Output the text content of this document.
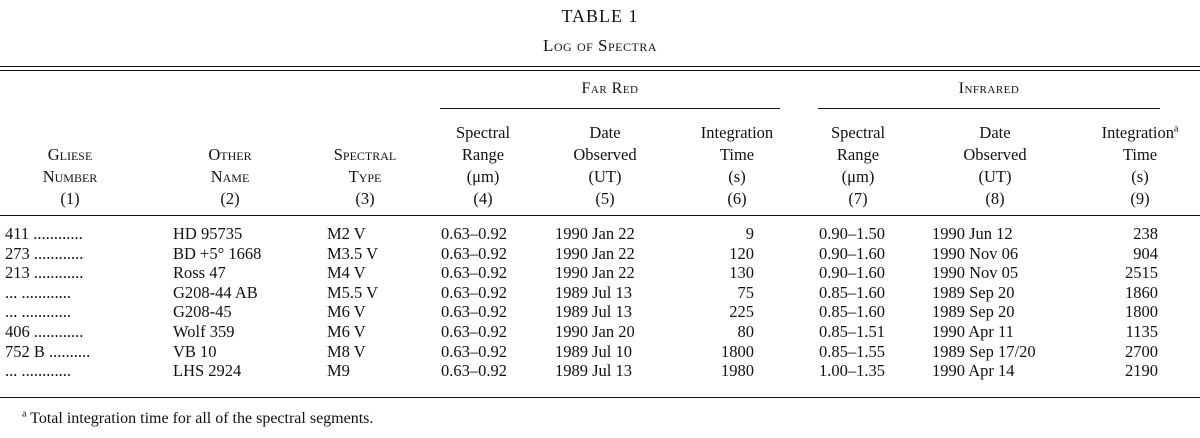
TABLE 1
Log of Spectra
Far Red	Infrared
Gliese
Number
(1)
Other
Name
(2)
Spectral
Type
(3)
Spectral
Range
(μm)
(4)
Date
Observed
(UT)
(5)
Integration
Time
(s)
(6)
Spectral
Range
(μm)
(7)
Date
Observed
(UT)
(8)
Integration$^a$
Time
(s)
(9)
411 ............	HD 95735	M2 V	0.63–0.92	1990 Jan 22	9	0.90–1.50	1990 Jun 12	238
273 ............	BD +5° 1668	M3.5 V	0.63–0.92	1990 Jan 22	120	0.90–1.60	1990 Nov 06	904
213 ............	Ross 47	M4 V	0.63–0.92	1990 Jan 22	130	0.90–1.60	1990 Nov 05	2515
... ............	G208-44 AB	M5.5 V	0.63–0.92	1989 Jul 13	75	0.85–1.60	1989 Sep 20	1860
... ............	G208-45	M6 V	0.63–0.92	1989 Jul 13	225	0.85–1.60	1989 Sep 20	1800
406 ............	Wolf 359	M6 V	0.63–0.92	1990 Jan 20	80	0.85–1.51	1990 Apr 11	1135
752 B ..........	VB 10	M8 V	0.63–0.92	1989 Jul 10	1800	0.85–1.55	1989 Sep 17/20	2700
... ............	LHS 2924	M9	0.63–0.92	1989 Jul 13	1980	1.00–1.35	1990 Apr 14	2190
$^a$ Total integration time for all of the spectral segments.
